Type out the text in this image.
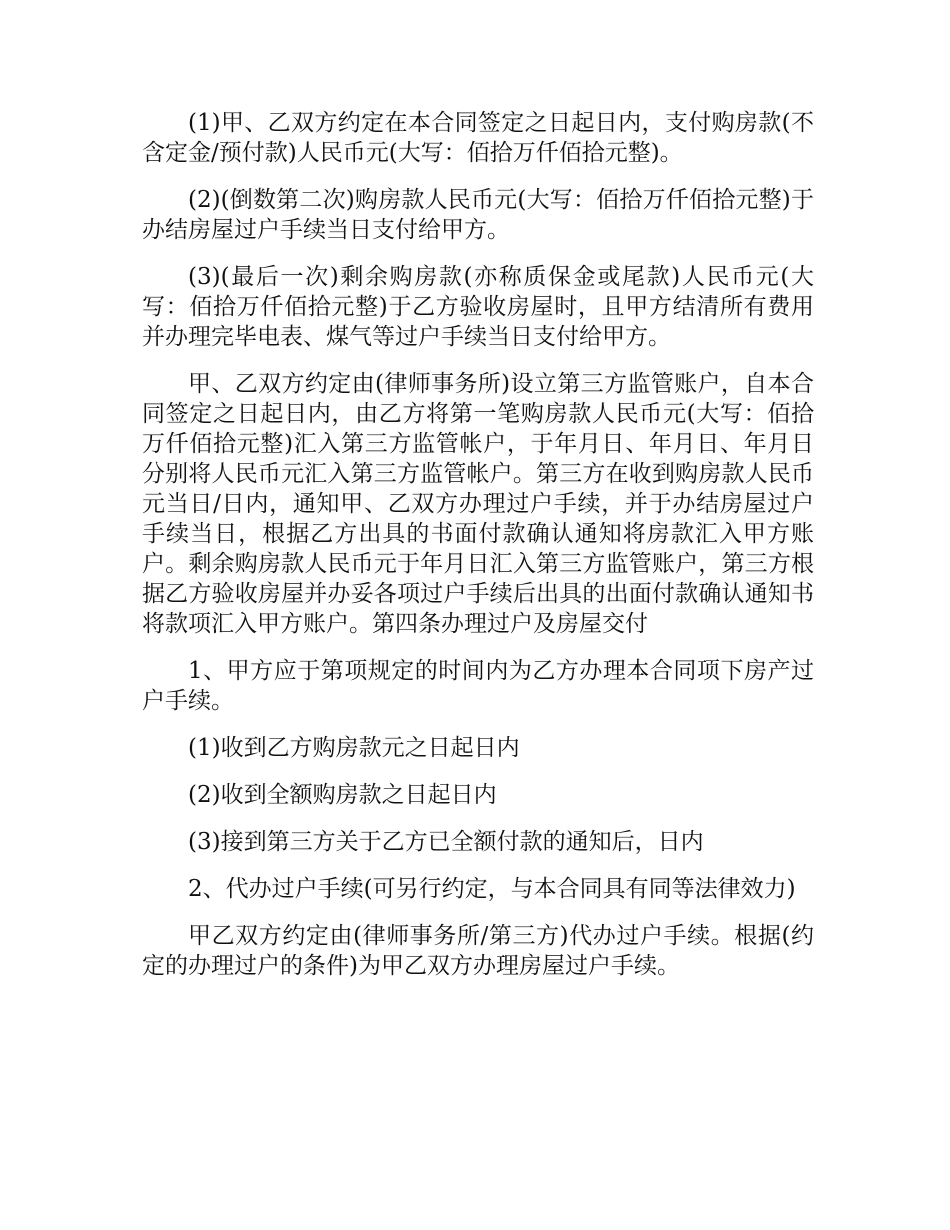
(1)甲、乙双方约定在本合同签定之日起日内，支付购房款(不含定金/预付款)人民币元(大写：佰拾万仟佰拾元整)。

(2)(倒数第二次)购房款人民币元(大写：佰拾万仟佰拾元整)于办结房屋过户手续当日支付给甲方。

(3)(最后一次)剩余购房款(亦称质保金或尾款)人民币元(大写：佰拾万仟佰拾元整)于乙方验收房屋时，且甲方结清所有费用并办理完毕电表、煤气等过户手续当日支付给甲方。

甲、乙双方约定由(律师事务所)设立第三方监管账户，自本合同签定之日起日内，由乙方将第一笔购房款人民币元(大写：佰拾万仟佰拾元整)汇入第三方监管帐户，于年月日、年月日、年月日分别将人民币元汇入第三方监管帐户。第三方在收到购房款人民币元当日/日内，通知甲、乙双方办理过户手续，并于办结房屋过户手续当日，根据乙方出具的书面付款确认通知将房款汇入甲方账户。剩余购房款人民币元于年月日汇入第三方监管账户，第三方根据乙方验收房屋并办妥各项过户手续后出具的出面付款确认通知书将款项汇入甲方账户。第四条办理过户及房屋交付

1、甲方应于第项规定的时间内为乙方办理本合同项下房产过户手续。

(1)收到乙方购房款元之日起日内

(2)收到全额购房款之日起日内

(3)接到第三方关于乙方已全额付款的通知后，日内

2、代办过户手续(可另行约定，与本合同具有同等法律效力)

甲乙双方约定由(律师事务所/第三方)代办过户手续。根据(约定的办理过户的条件)为甲乙双方办理房屋过户手续。
